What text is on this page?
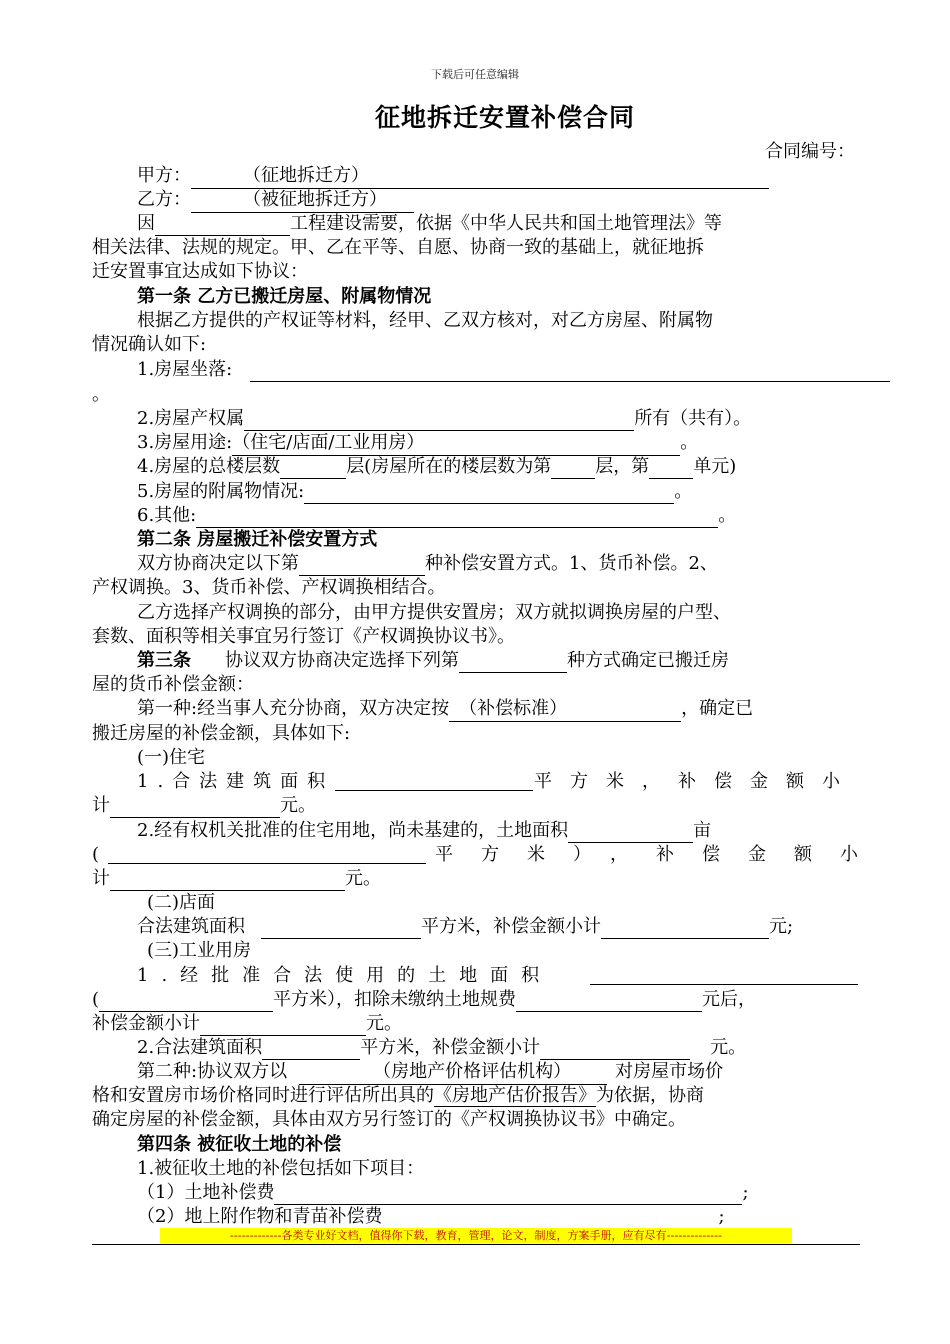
下载后可任意编辑
征地拆迁安置补偿合同
合同编号：
甲方：	（征地拆迁方）
乙方：	（被征地拆迁方）
因	工程建设需要，依据《中华人民共和国土地管理法》等
相关法律、法规的规定。甲、乙在平等、自愿、协商一致的基础上，就征地拆
迁安置事宜达成如下协议：
第一条 乙方已搬迁房屋、附属物情况
根据乙方提供的产权证等材料，经甲、乙双方核对，对乙方房屋、附属物
情况确认如下:
1.房屋坐落:
。
2.房屋产权属	所有（共有）。
3.房屋用途:（住宅/店面/工业用房）	。
4.房屋的总楼层数	层(房屋所在的楼层数为第 层，第 单元)
5.房屋的附属物情况:	。
6.其他:	。
第二条 房屋搬迁补偿安置方式
双方协商决定以下第	种补偿安置方式。1、货币补偿。2、
产权调换。3、货币补偿、产权调换相结合。
乙方选择产权调换的部分，由甲方提供安置房；双方就拟调换房屋的户型、
套数、面积等相关事宜另行签订《产权调换协议书》。
第三条 协议双方协商决定选择下列第	种方式确定已搬迁房
屋的货币补偿金额：
第一种:经当事人充分协商，双方决定按 （补偿标准）	，确定已
搬迁房屋的补偿金额，具体如下:
(一)住宅
1.合法建筑面积	平方米，补偿金额小
计	元。
2.经有权机关批准的住宅用地，尚未基建的，土地面积	亩
(	平方米），补偿金额小
计	元。
(二)店面
合法建筑面积	平方米，补偿金额小计	元;
(三)工业用房
1.经批准合法使用的土地面积
(	平方米），扣除未缴纳土地规费	元后，
补偿金额小计	元。
2.合法建筑面积	平方米，补偿金额小计	元。
第二种:协议双方以	（房地产价格评估机构） 对房屋市场价
格和安置房市场价格同时进行评估所出具的《房地产估价报告》为依据，协商
确定房屋的补偿金额，具体由双方另行签订的《产权调换协议书》中确定。
第四条 被征收土地的补偿
1.被征收土地的补偿包括如下项目：
（1）土地补偿费	;
（2）地上附作物和青苗补偿费	;
-------------各类专业好文档，值得你下载，教育，管理，论文，制度，方案手册，应有尽有--------------
